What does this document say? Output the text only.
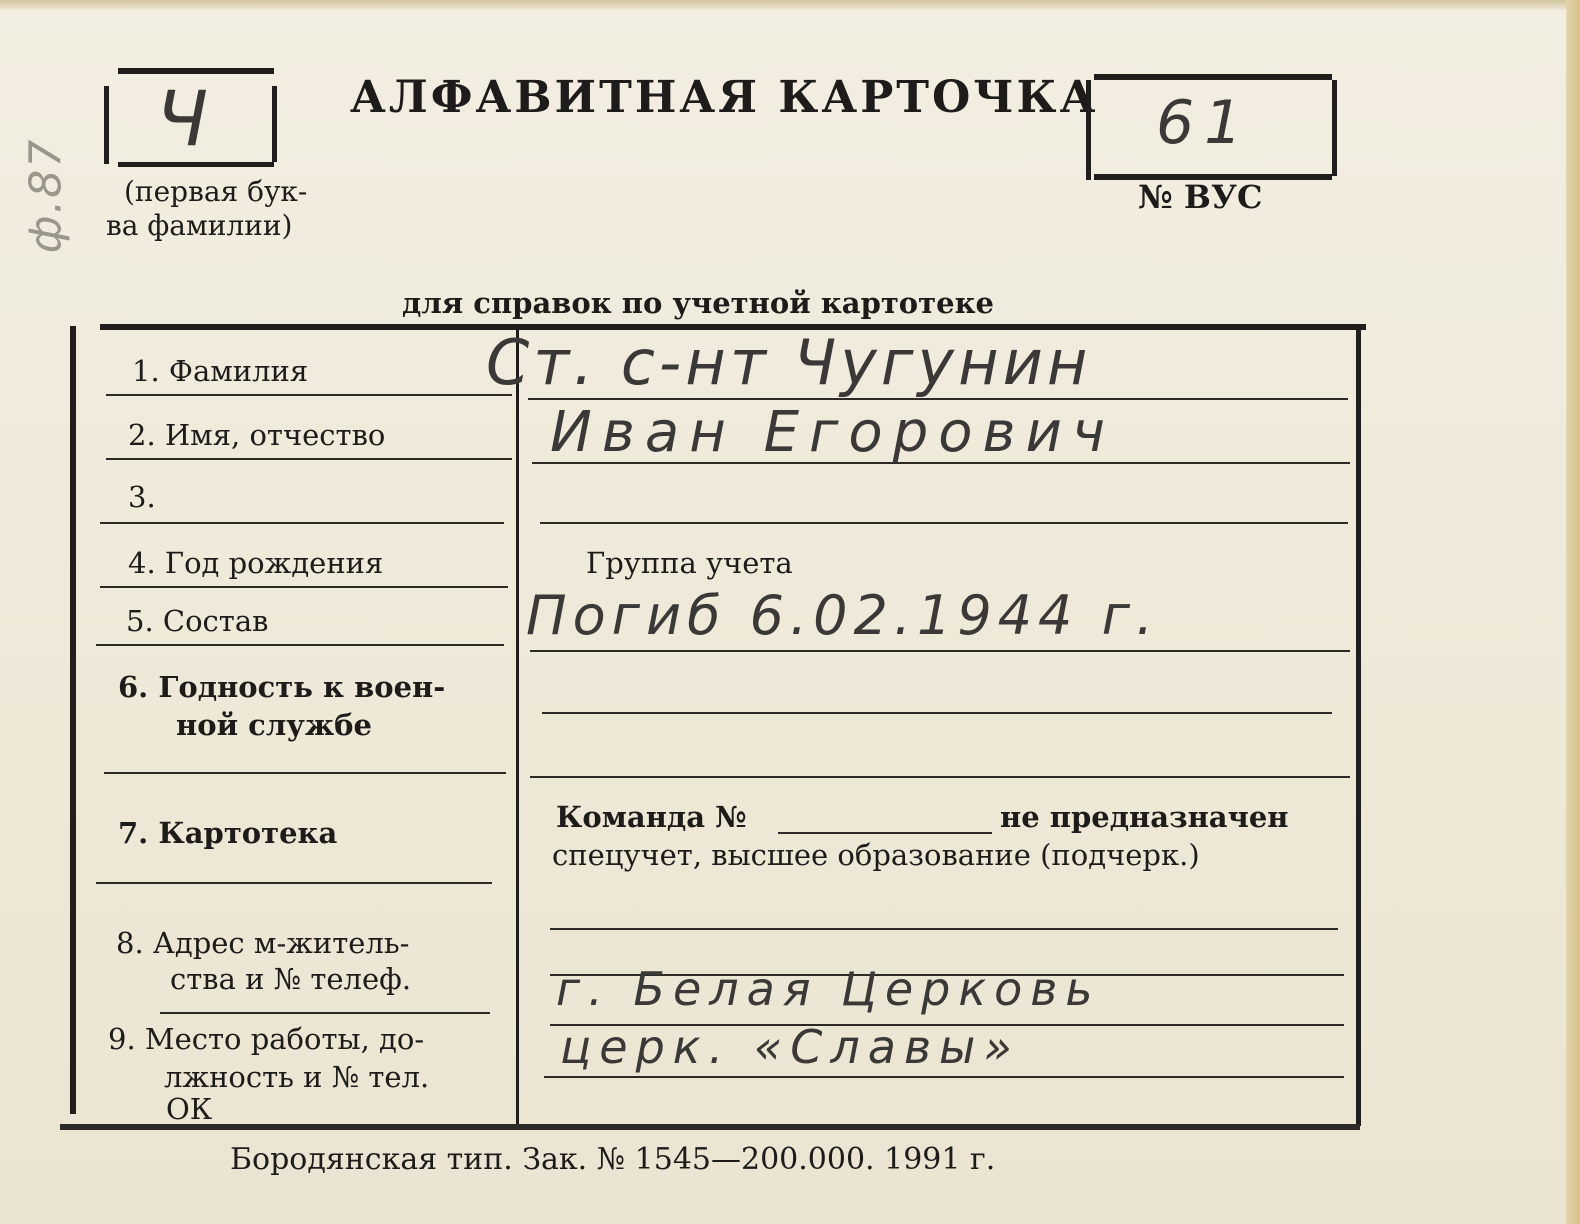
ф.87
Ч
(первая бук-
ва фамилии)
АЛФАВИТНАЯ КАРТОЧКА 61
№ ВУС
для справок по учетной картотеке
1. Фамилия
2. Имя, отчество
3.
4. Год рождения
5. Состав
6. Годность к воен-
ной службе
7. Картотека
8. Адрес м-житель-
ства и № телеф.
9. Место работы, до-
лжность и № тел.
ОК
Группа учета
Команда №	не предназначен
спецучет, высшее образование (подчерк.)
Ст. с-нт Чугунин
Иван Егорович
Погиб 6.02.1944 г.
г. Белая Церковь
церк. «Славы»
Бородянская тип. Зак. № 1545—200.000. 1991 г.
